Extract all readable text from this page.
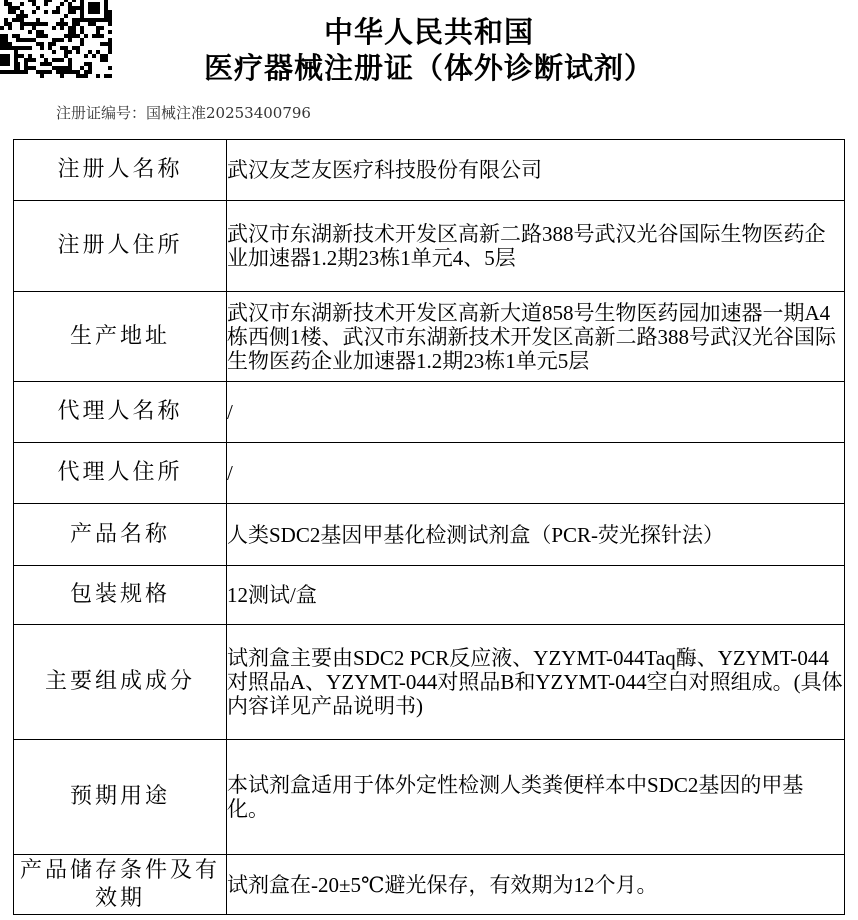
中华人民共和国
医疗器械注册证（体外诊断试剂）
注册证编号：国械注准20253400796
注册人名称	武汉友芝友医疗科技股份有限公司
注册人住所	武汉市东湖新技术开发区高新二路388号武汉光谷国际生物医药企业加速器1.2期23栋1单元4、5层
生产地址	武汉市东湖新技术开发区高新大道858号生物医药园加速器一期A4栋西侧1楼、武汉市东湖新技术开发区高新二路388号武汉光谷国际生物医药企业加速器1.2期23栋1单元5层
代理人名称	/
代理人住所	/
产品名称	人类SDC2基因甲基化检测试剂盒（PCR-荧光探针法）
包装规格	12测试/盒
主要组成成分	试剂盒主要由SDC2 PCR反应液、YZYMT-044Taq酶、YZYMT-044对照品A、YZYMT-044对照品B和YZYMT-044空白对照组成。(具体内容详见产品说明书)
预期用途	本试剂盒适用于体外定性检测人类粪便样本中SDC2基因的甲基化。
产品储存条件及有效期	试剂盒在-20±5℃避光保存，有效期为12个月。
